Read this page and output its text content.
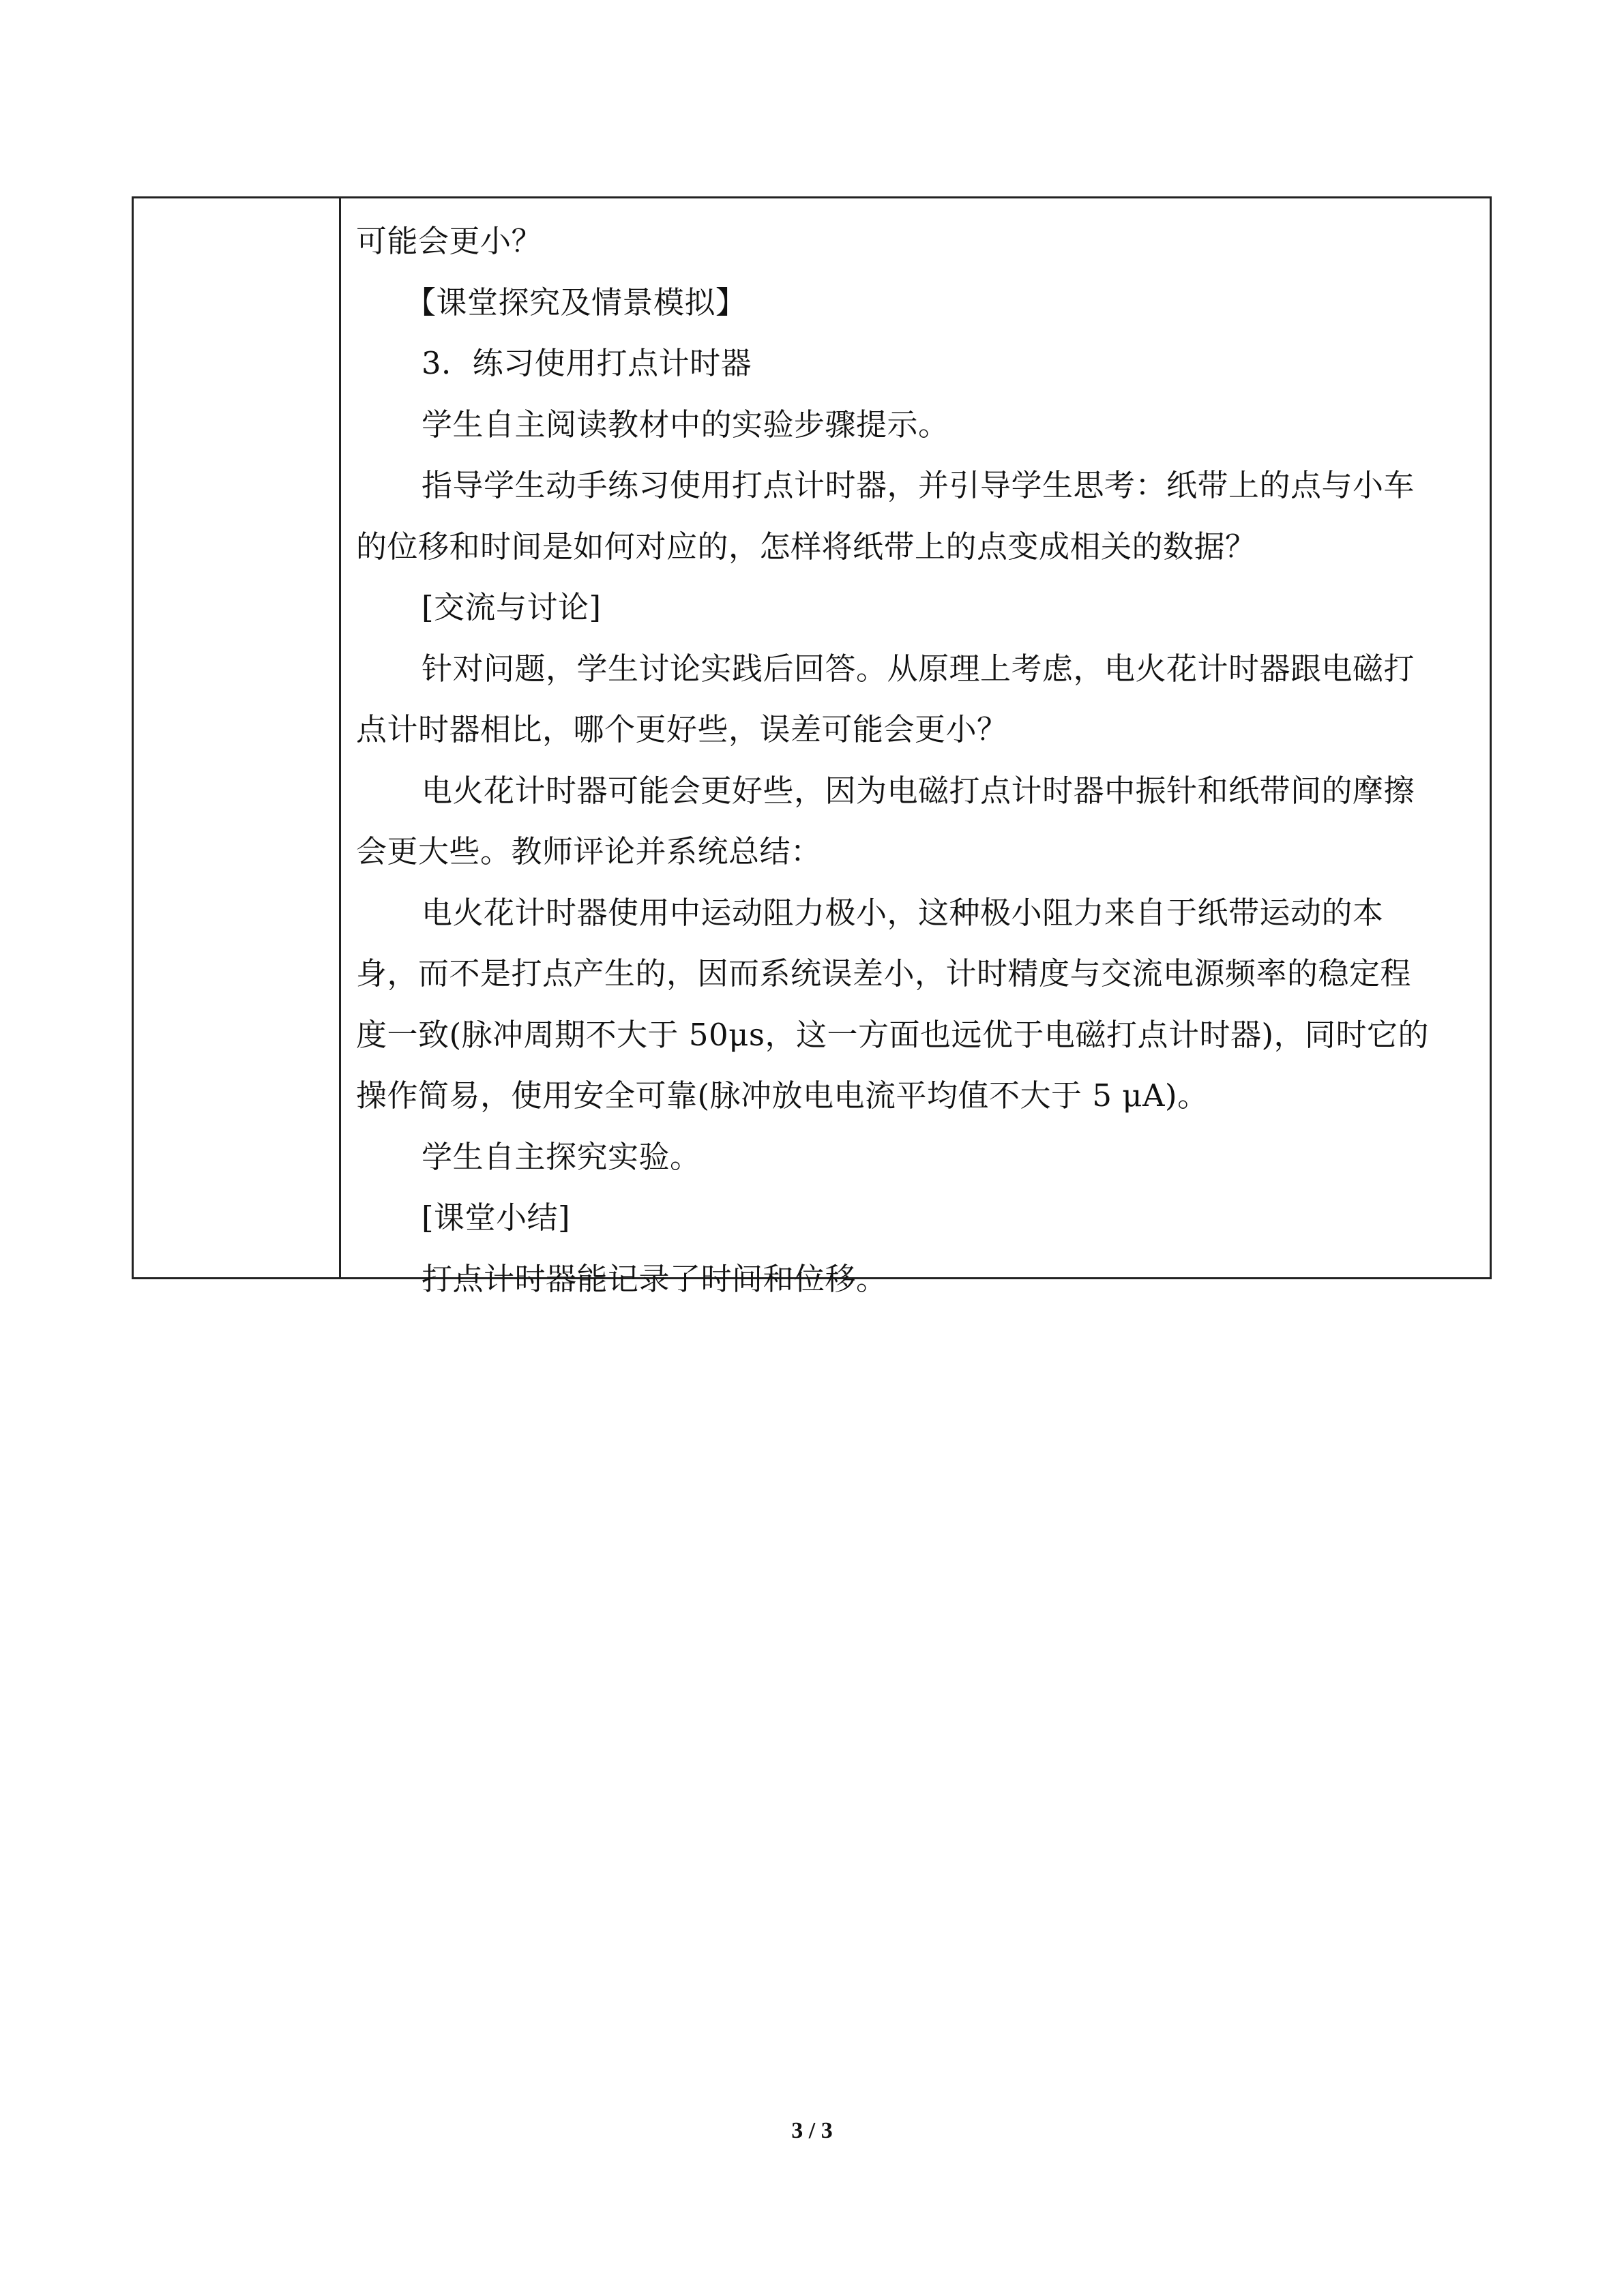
可能会更小？
【课堂探究及情景模拟】
3．练习使用打点计时器
学生自主阅读教材中的实验步骤提示。
指导学生动手练习使用打点计时器，并引导学生思考：纸带上的点与小车
的位移和时间是如何对应的，怎样将纸带上的点变成相关的数据？
[交流与讨论]
针对问题，学生讨论实践后回答。从原理上考虑，电火花计时器跟电磁打
点计时器相比，哪个更好些，误差可能会更小？
电火花计时器可能会更好些，因为电磁打点计时器中振针和纸带间的摩擦
会更大些。教师评论并系统总结：
电火花计时器使用中运动阻力极小，这种极小阻力来自于纸带运动的本
身，而不是打点产生的，因而系统误差小，计时精度与交流电源频率的稳定程
度一致(脉冲周期不大于 50μs，这一方面也远优于电磁打点计时器)，同时它的
操作简易，使用安全可靠(脉冲放电电流平均值不大于 5 μA)。
学生自主探究实验。
[课堂小结]
打点计时器能记录了时间和位移。
3 / 3
